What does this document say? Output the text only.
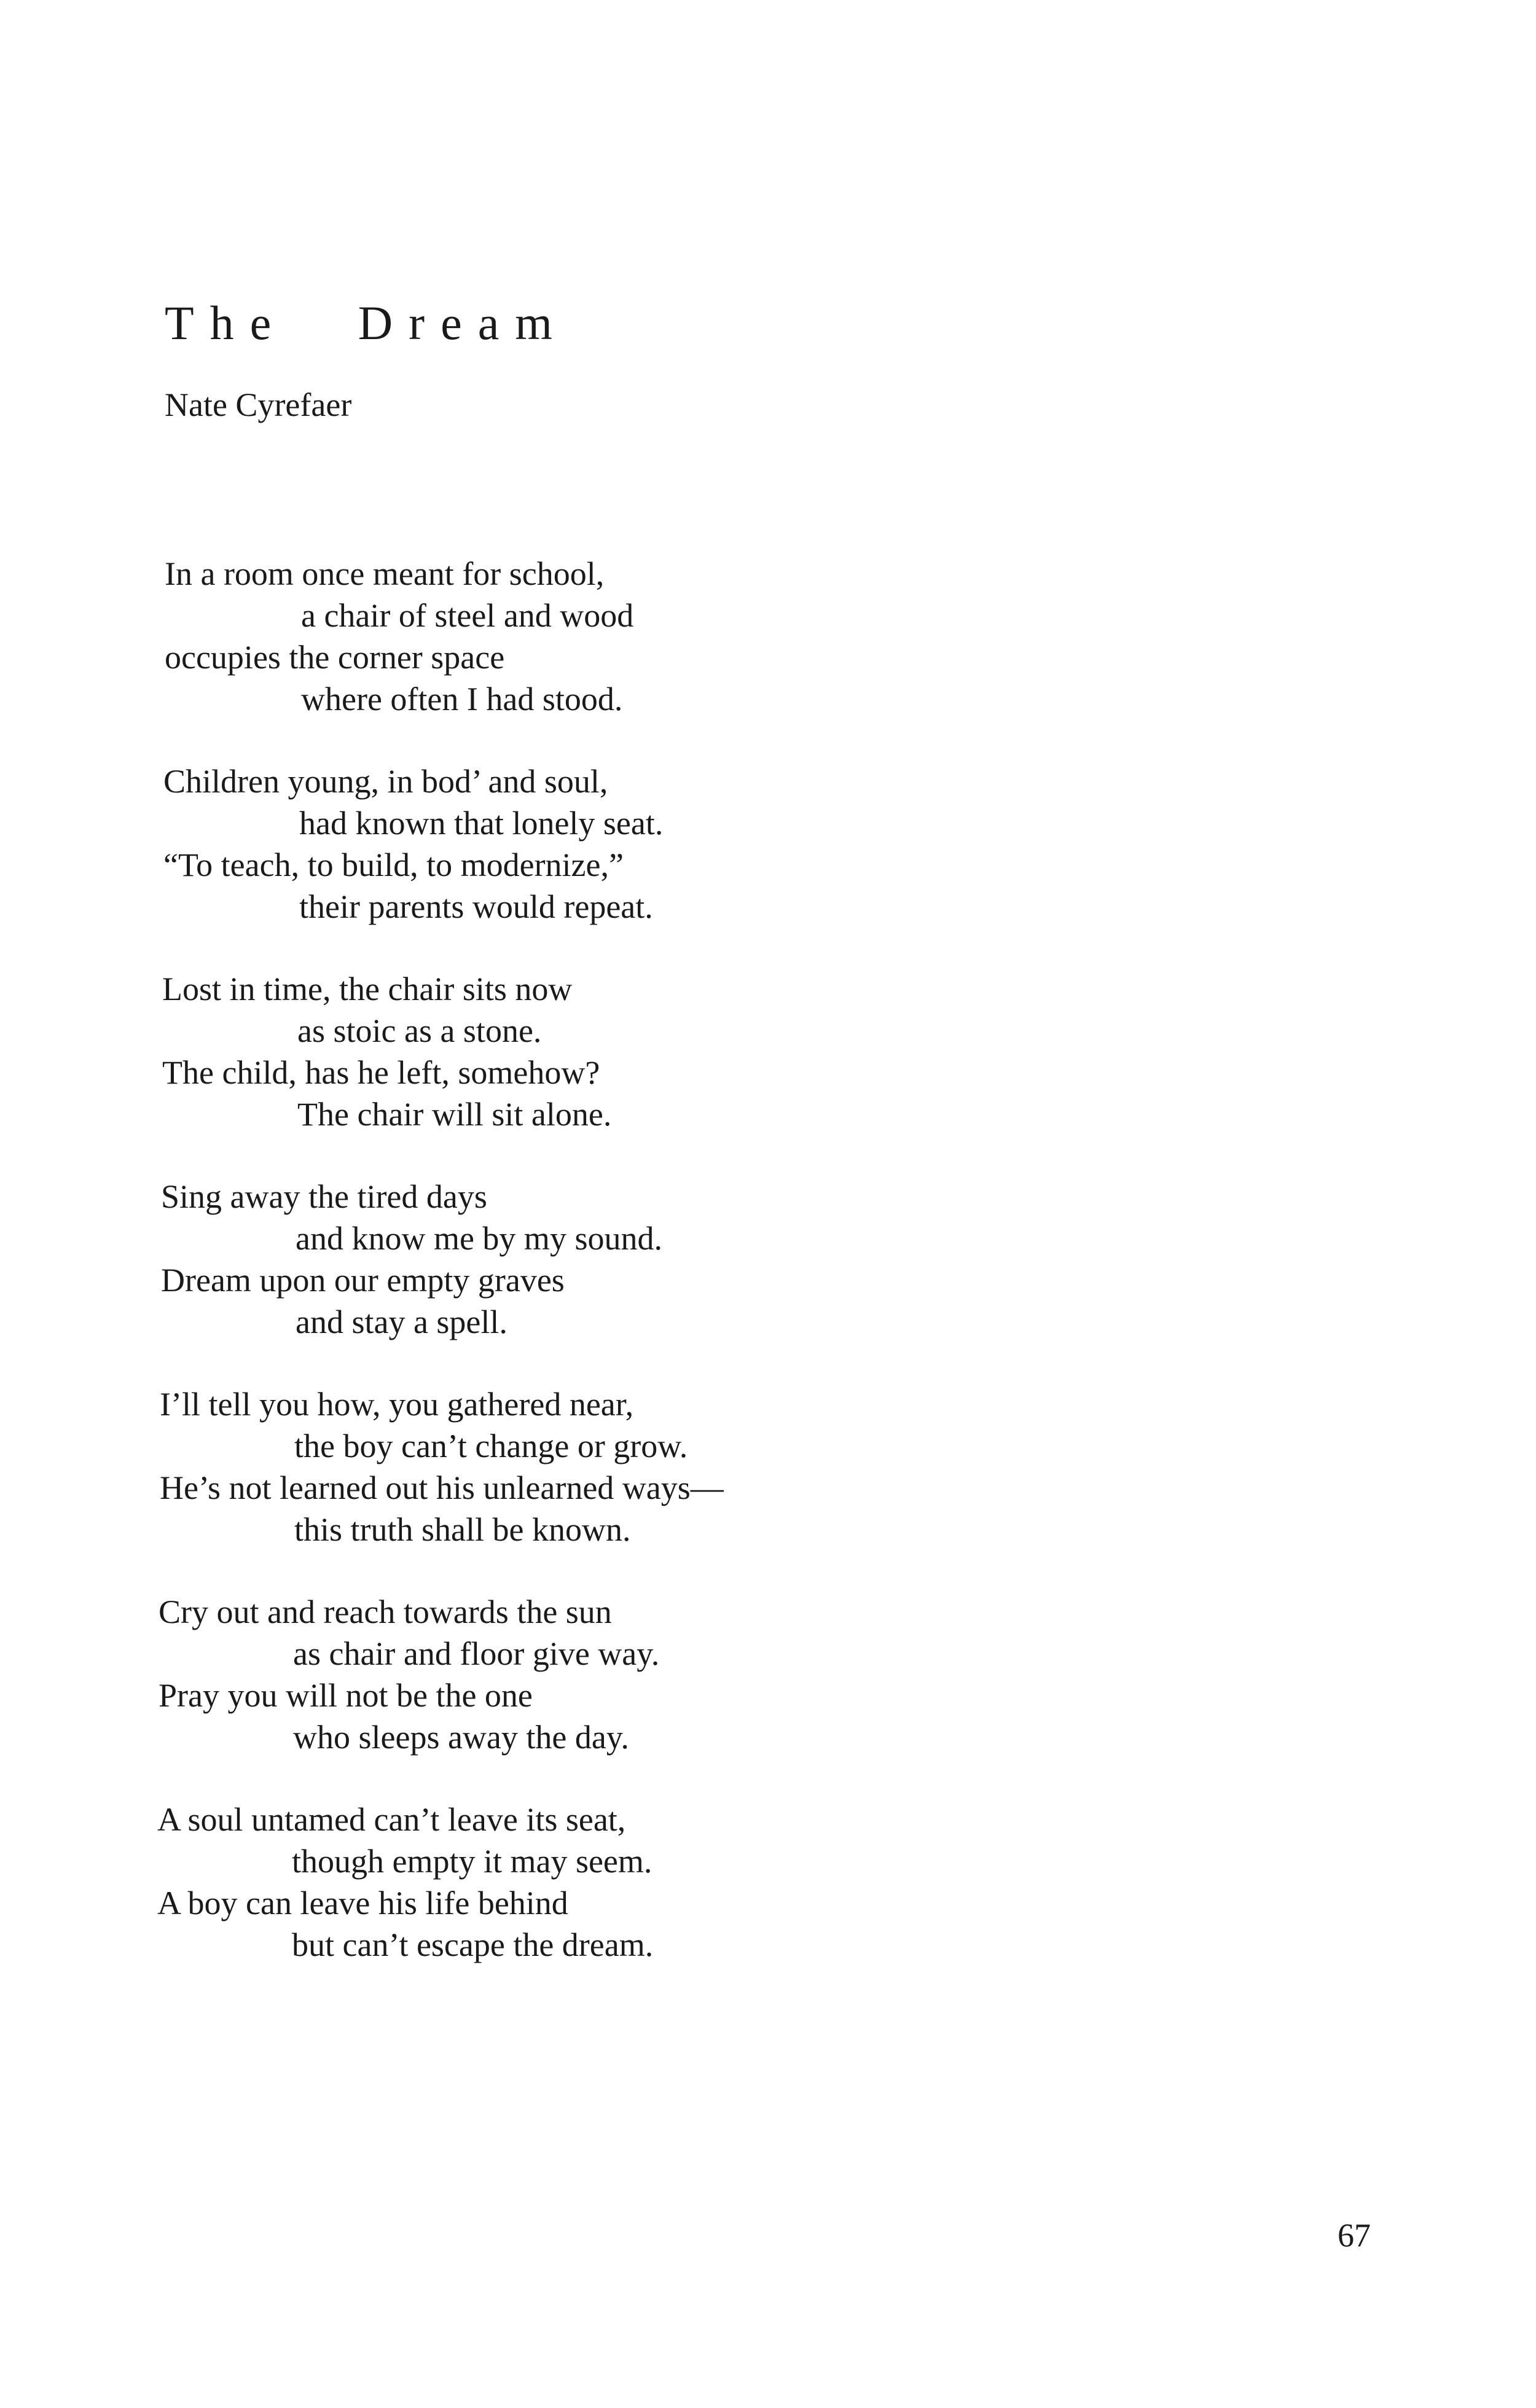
The Dream
Nate Cyrefaer
In a room once meant for school,
a chair of steel and wood
occupies the corner space
where often I had stood.
Children young, in bod’ and soul,
had known that lonely seat.
“To teach, to build, to modernize,”
their parents would repeat.
Lost in time, the chair sits now
as stoic as a stone.
The child, has he left, somehow?
The chair will sit alone.
Sing away the tired days
and know me by my sound.
Dream upon our empty graves
and stay a spell.
I’ll tell you how, you gathered near,
the boy can’t change or grow.
He’s not learned out his unlearned ways—
this truth shall be known.
Cry out and reach towards the sun
as chair and floor give way.
Pray you will not be the one
who sleeps away the day.
A soul untamed can’t leave its seat,
though empty it may seem.
A boy can leave his life behind
but can’t escape the dream.
67
